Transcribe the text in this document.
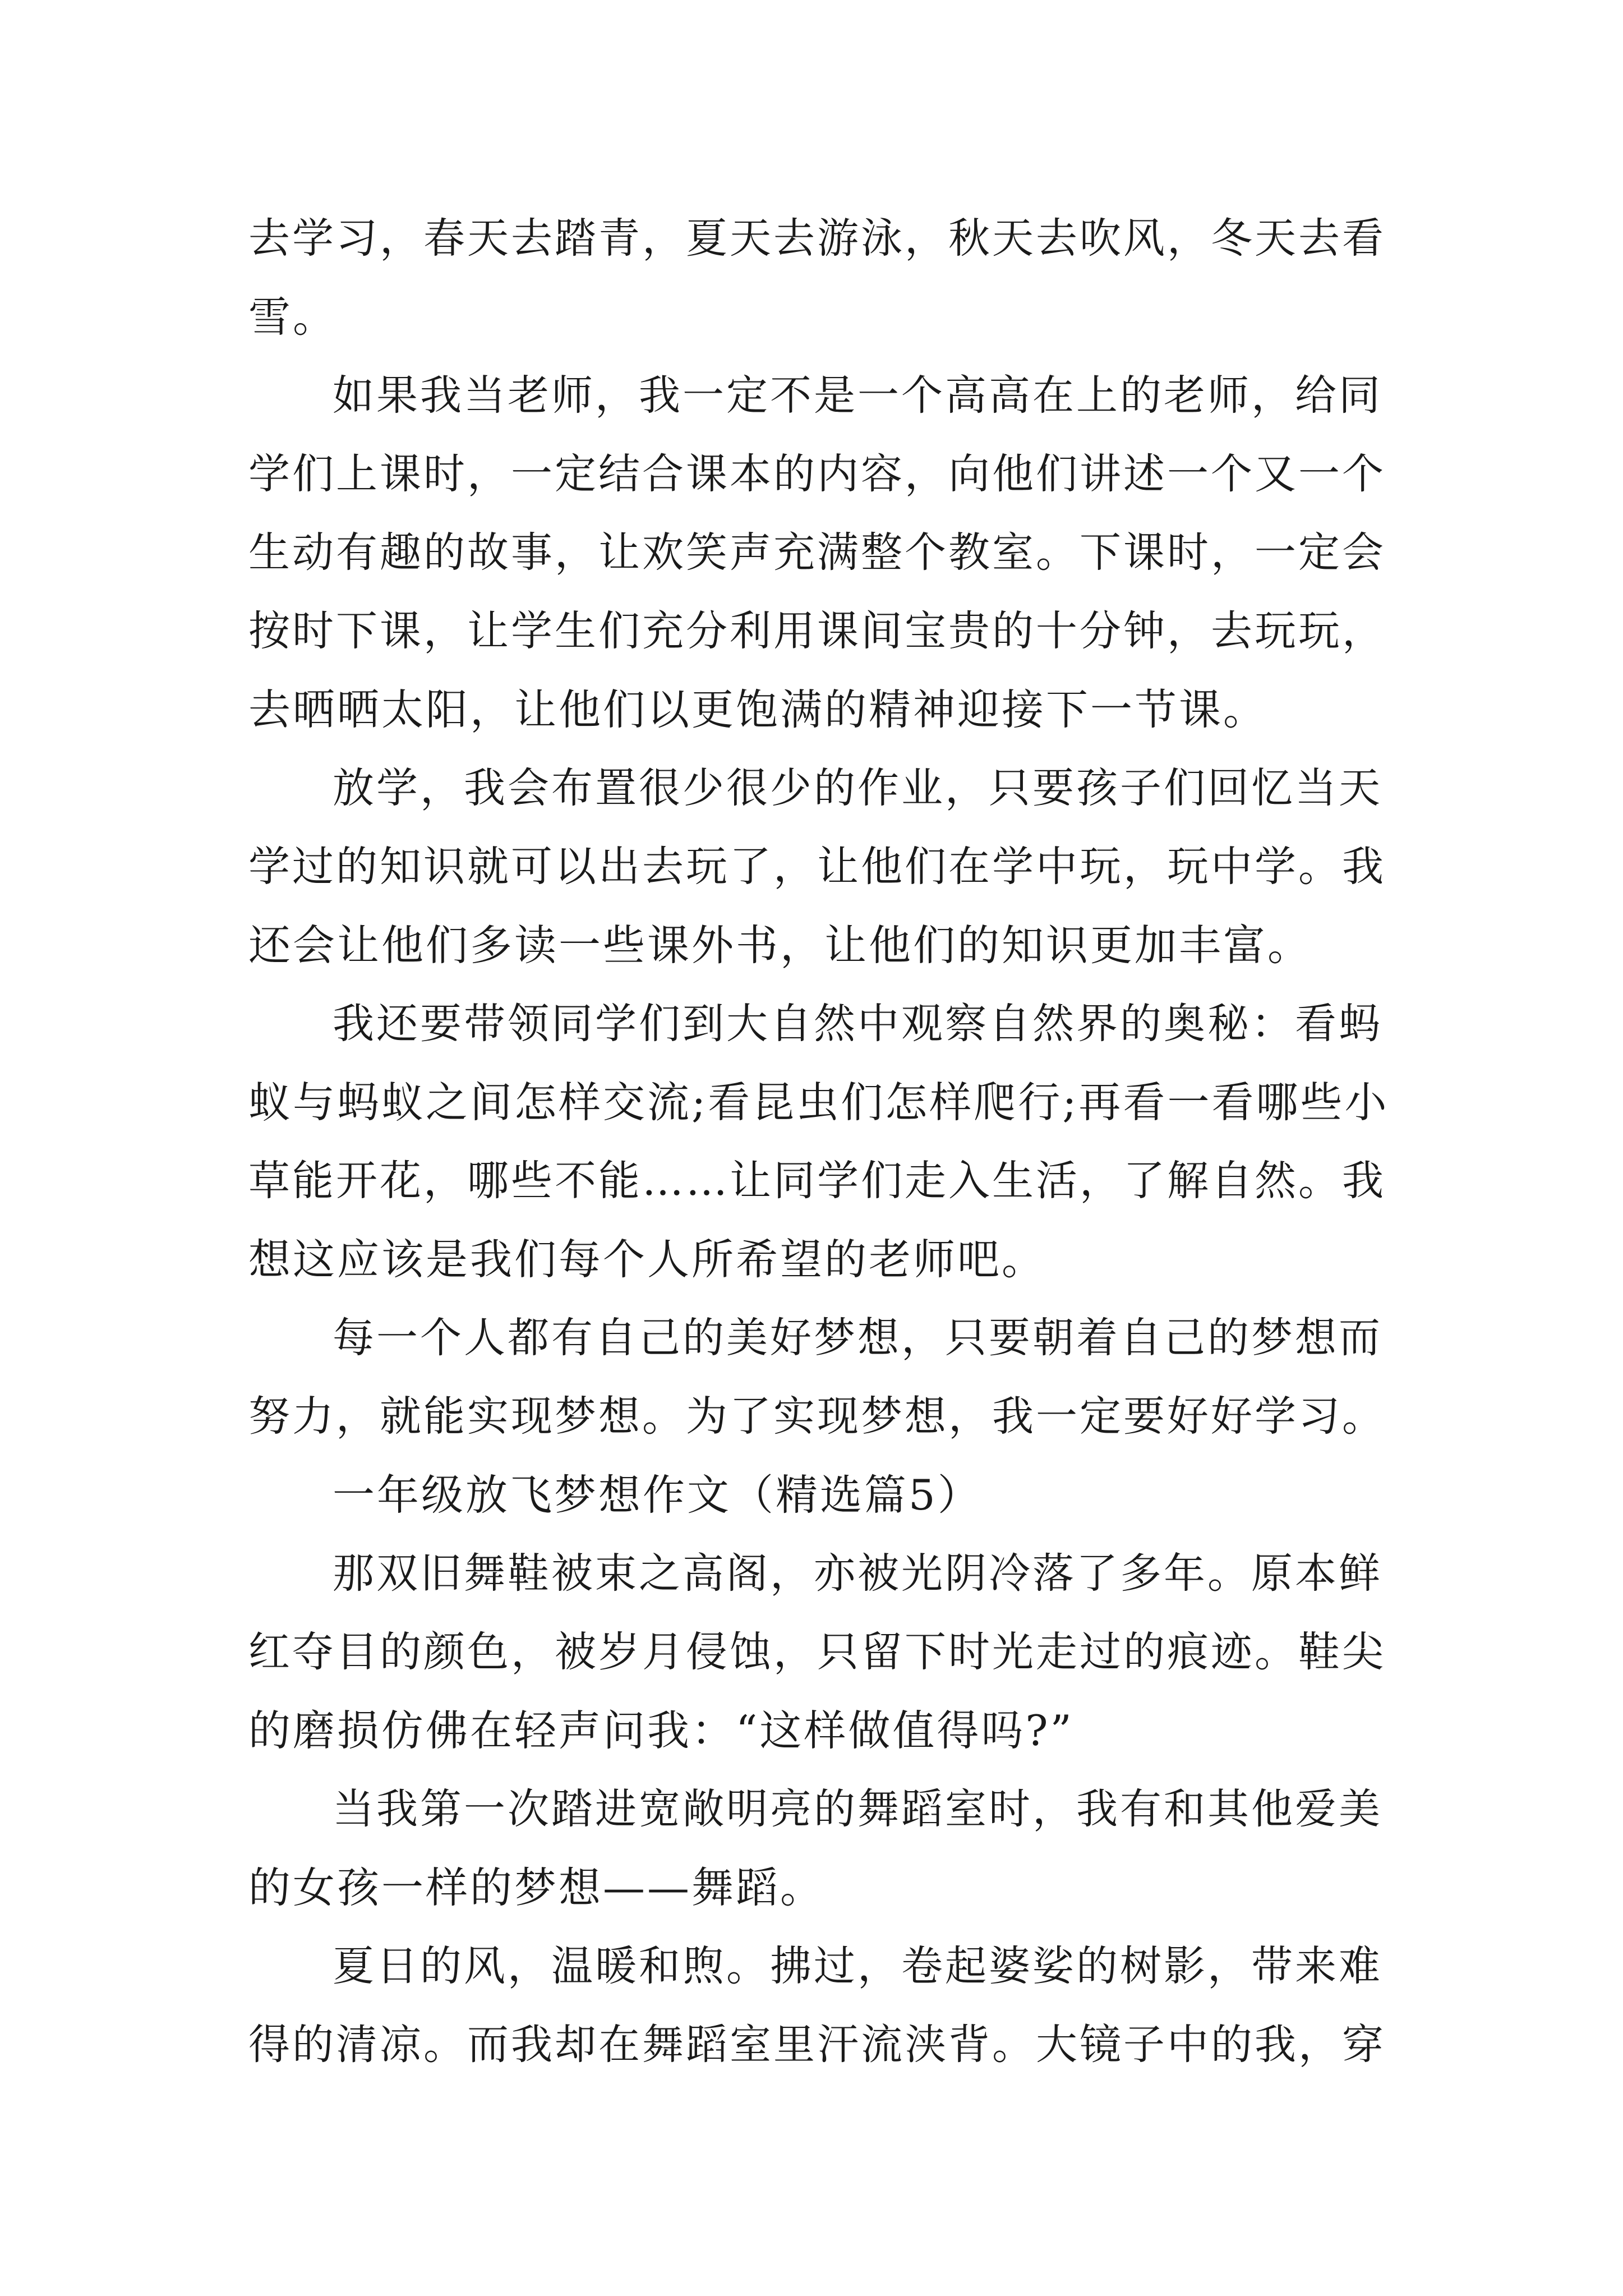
去学习，春天去踏青，夏天去游泳，秋天去吹风，冬天去看
雪。
如果我当老师，我一定不是一个高高在上的老师，给同
学们上课时，一定结合课本的内容，向他们讲述一个又一个
生动有趣的故事，让欢笑声充满整个教室。下课时，一定会
按时下课，让学生们充分利用课间宝贵的十分钟，去玩玩，
去晒晒太阳，让他们以更饱满的精神迎接下一节课。
放学，我会布置很少很少的作业，只要孩子们回忆当天
学过的知识就可以出去玩了，让他们在学中玩，玩中学。我
还会让他们多读一些课外书，让他们的知识更加丰富。
我还要带领同学们到大自然中观察自然界的奥秘：看蚂
蚁与蚂蚁之间怎样交流;看昆虫们怎样爬行;再看一看哪些小
草能开花，哪些不能……让同学们走入生活，了解自然。我
想这应该是我们每个人所希望的老师吧。
每一个人都有自己的美好梦想，只要朝着自己的梦想而
努力，就能实现梦想。为了实现梦想，我一定要好好学习。
一年级放飞梦想作文（精选篇5）
那双旧舞鞋被束之高阁，亦被光阴冷落了多年。原本鲜
红夺目的颜色，被岁月侵蚀，只留下时光走过的痕迹。鞋尖
的磨损仿佛在轻声问我：“这样做值得吗?”
当我第一次踏进宽敞明亮的舞蹈室时，我有和其他爱美
的女孩一样的梦想——舞蹈。
夏日的风，温暖和煦。拂过，卷起婆娑的树影，带来难
得的清凉。而我却在舞蹈室里汗流浃背。大镜子中的我，穿
